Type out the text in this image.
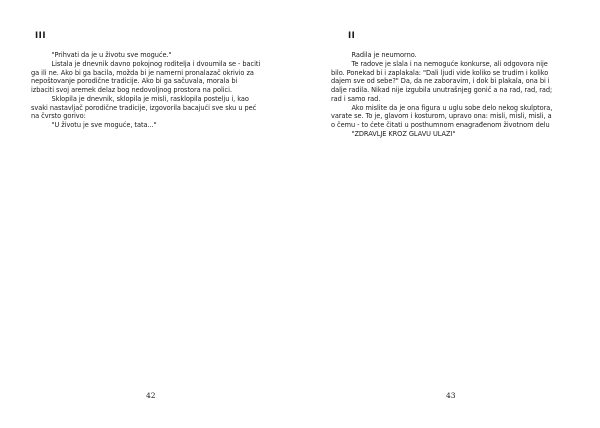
III
"Prihvati da je u životu sve moguće."
Listala je dnevnik davno pokojnog roditelja i dvoumila se - baciti
ga ili ne. Ako bi ga bacila, možda bi je namerni pronalazač okrivio za
nepoštovanje porodične tradicije. Ako bi ga sačuvala, morala bi
izbaciti svoj aremek delaz bog nedovoljnog prostora na polici.
Sklopila je dnevnik, sklopila je misli, rasklopila postelju i, kao
svaki nastavljač porodične tradicije, izgovorila bacajući sve sku u peć
na čvrsto gorivo:
"U životu je sve moguće, tata..."
42
II
Radila je neumorno.
Te radove je slala i na nemoguće konkurse, ali odgovora nije
bilo. Ponekad bi i zaplakala: "Dali ljudi vide koliko se trudim i koliko
dajem sve od sebe?" Da, da ne zaboravim, i dok bi plakala, ona bi i
dalje radila. Nikad nije izgubila unutrašnjeg gonič a na rad, rad, rad;
rad i samo rad.
Ako mislite da je ona figura u uglu sobe delo nekog skulptora,
varate se. To je, glavom i kosturom, upravo ona: misli, misli, misli, a
o čemu - to ćete čitati u posthumnom enagrađenom životnom delu
"ZDRAVLJE KROZ GLAVU ULAZI"
43
